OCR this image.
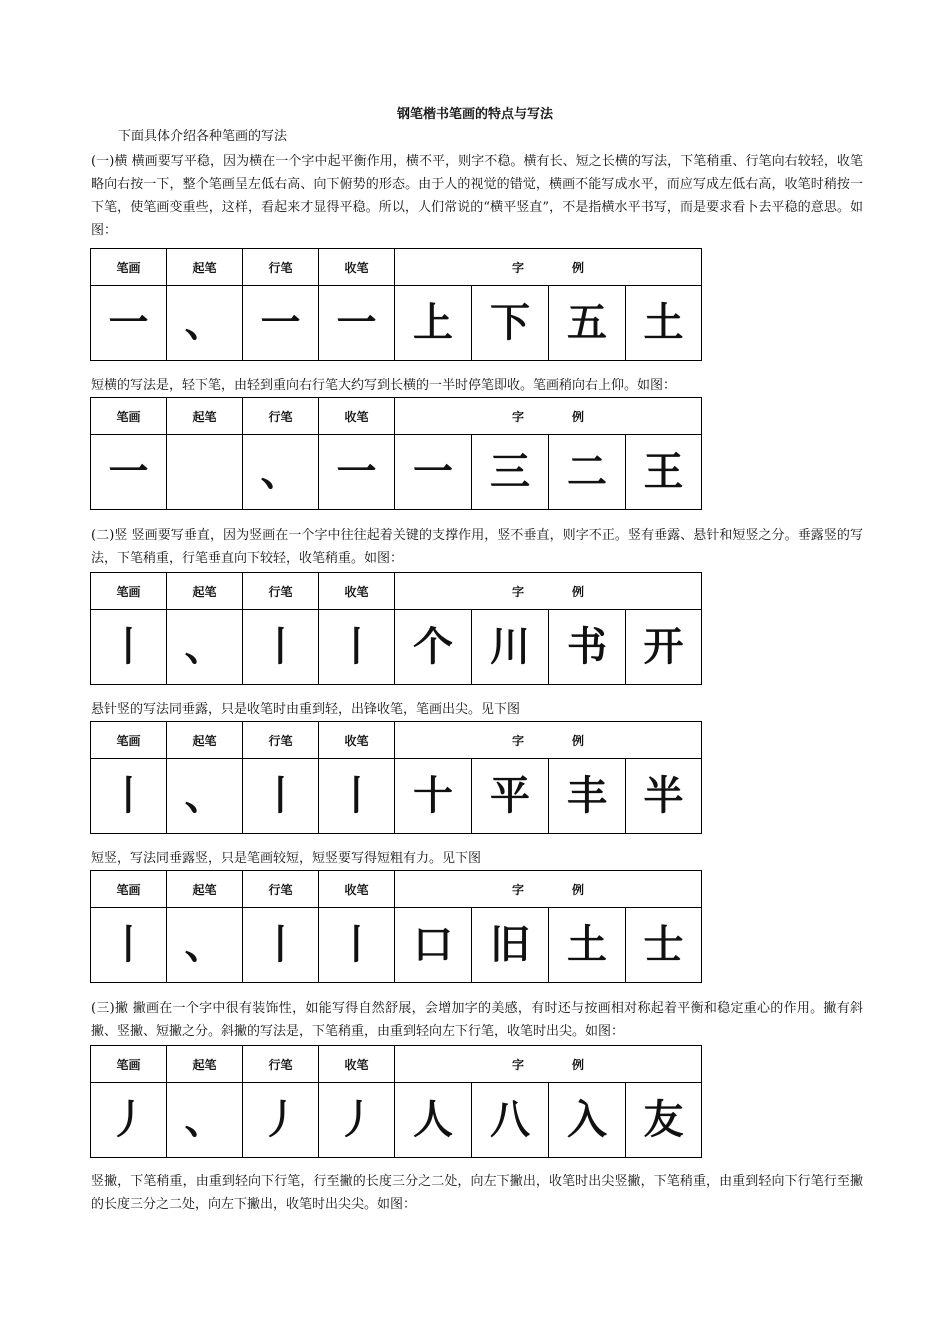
钢笔楷书笔画的特点与写法
下面具体介绍各种笔画的写法
(一)横 横画要写平稳，因为横在一个字中起平衡作用，横不平，则字不稳。横有长、短之长横的写法，下笔稍重、行笔向右较轻，收笔略向右按一下，整个笔画呈左低右高、向下俯势的形态。由于人的视觉的错觉，横画不能写成水平，而应写成左低右高，收笔时稍按一下笔，使笔画变重些，这样，看起来才显得平稳。所以，人们常说的“横平竖直”，不是指横水平书写，而是要求看卜去平稳的意思。如图：
笔画	起笔	行笔	收笔	字 例			
一	、	一	一	上	下	五	土
短横的写法是，轻下笔，由轻到重向右行笔大约写到长横的一半时停笔即收。笔画稍向右上仰。如图：
笔画	起笔	行笔	收笔	字 例			
一		、	一	一	三	二	王
(二)竖 竖画要写垂直，因为竖画在一个字中往往起着关键的支撑作用，竖不垂直，则字不正。竖有垂露、悬针和短竖之分。垂露竖的写法，下笔稍重，行笔垂直向下较轻，收笔稍重。如图：
笔画	起笔	行笔	收笔	字 例			
丨	、	丨	丨	个	川	书	开
悬针竖的写法同垂露，只是收笔时由重到轻，出锋收笔，笔画出尖。见下图
笔画	起笔	行笔	收笔	字 例			
丨	、	丨	丨	十	平	丰	半
短竖，写法同垂露竖，只是笔画较短，短竖要写得短粗有力。见下图
笔画	起笔	行笔	收笔	字 例			
丨	、	丨	丨	口	旧	土	士
(三)撇 撇画在一个字中很有装饰性，如能写得自然舒展，会增加字的美感，有时还与按画相对称起着平衡和稳定重心的作用。撇有斜撇、竖撇、短撇之分。斜撇的写法是，下笔稍重，由重到轻向左下行笔，收笔时出尖。如图：
笔画	起笔	行笔	收笔	字 例			
丿	、	丿	丿	人	八	入	友
竖撇，下笔稍重，由重到轻向下行笔，行至撇的长度三分之二处，向左下撇出，收笔时出尖竖撇，下笔稍重，由重到轻向下行笔行至撇的长度三分之二处，向左下撇出，收笔时出尖尖。如图：
